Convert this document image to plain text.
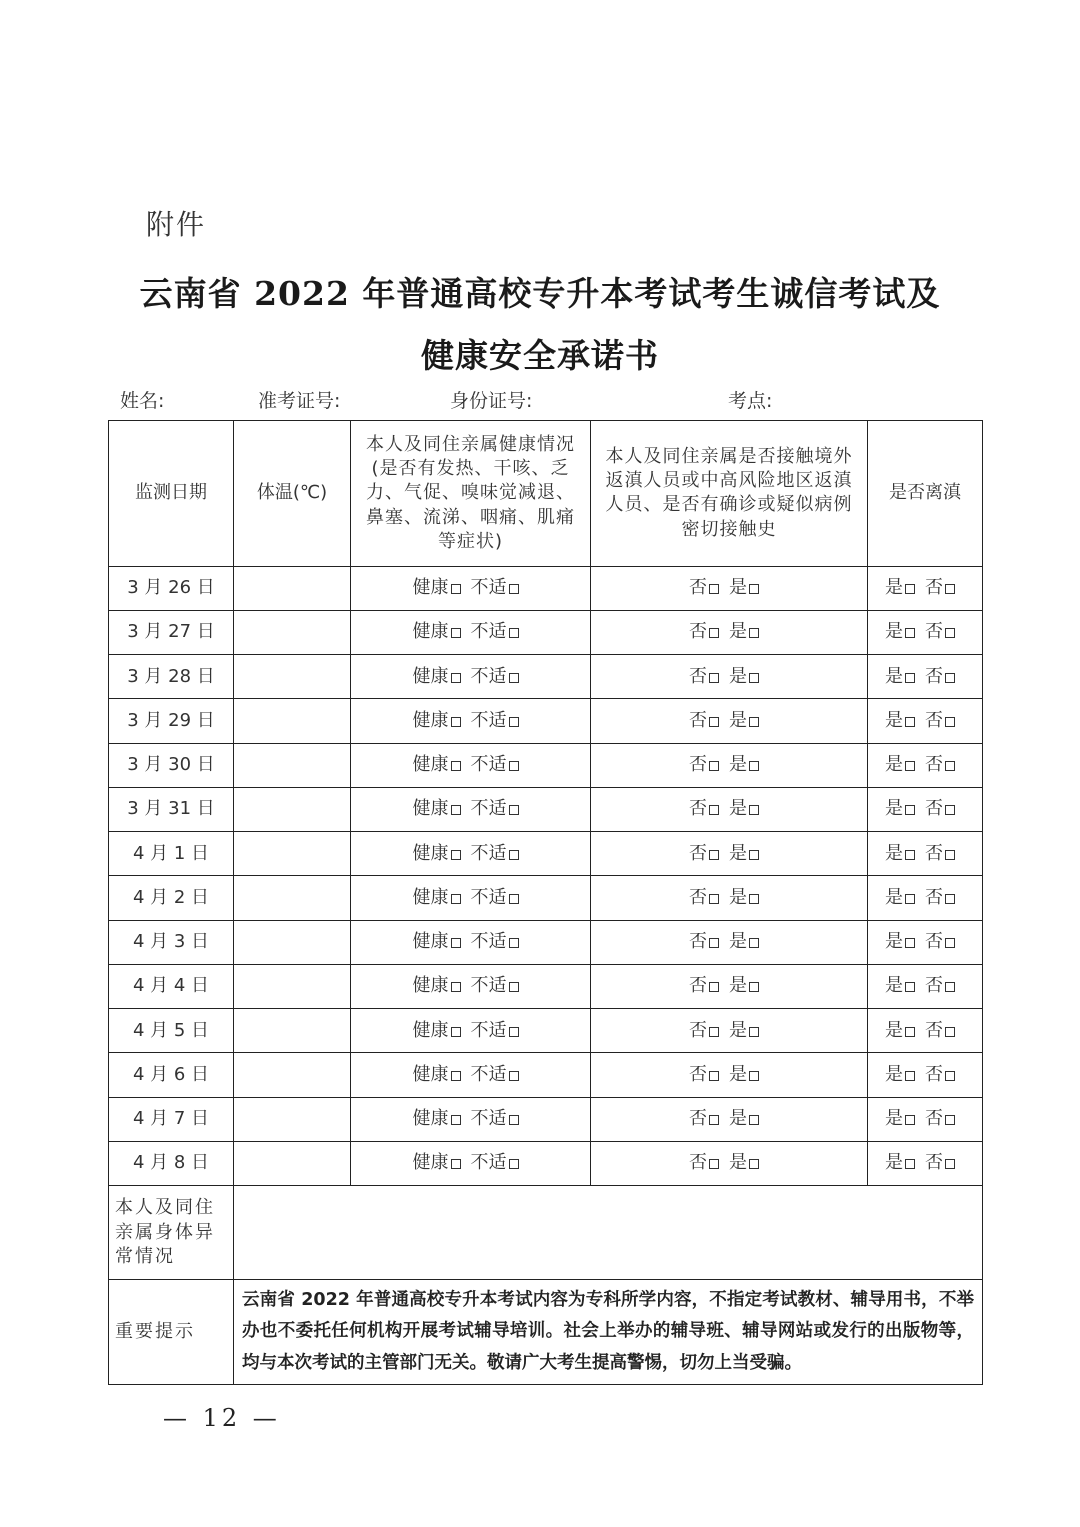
附件
云南省 2022 年普通高校专升本考试考生诚信考试及
健康安全承诺书
姓名:	准考证号:	身份证号:	考点:
监测日期	体温(℃)	本人及同住亲属健康情况(是否有发热、干咳、乏力、气促、嗅味觉减退、鼻塞、流涕、咽痛、肌痛等症状)	本人及同住亲属是否接触境外返滇人员或中高风险地区返滇人员、是否有确诊或疑似病例密切接触史	是否离滇
3 月 26 日		健康 不适	否 是	是 否
3 月 27 日		健康 不适	否 是	是 否
3 月 28 日		健康 不适	否 是	是 否
3 月 29 日		健康 不适	否 是	是 否
3 月 30 日		健康 不适	否 是	是 否
3 月 31 日		健康 不适	否 是	是 否
4 月 1 日		健康 不适	否 是	是 否
4 月 2 日		健康 不适	否 是	是 否
4 月 3 日		健康 不适	否 是	是 否
4 月 4 日		健康 不适	否 是	是 否
4 月 5 日		健康 不适	否 是	是 否
4 月 6 日		健康 不适	否 是	是 否
4 月 7 日		健康 不适	否 是	是 否
4 月 8 日		健康 不适	否 是	是 否
本人及同住亲属身体异常情况				
重要提示	云南省 2022 年普通高校专升本考试内容为专科所学内容，不指定考试教材、辅导用书，不举办也不委托任何机构开展考试辅导培训。社会上举办的辅导班、辅导网站或发行的出版物等，均与本次考试的主管部门无关。敬请广大考生提高警惕，切勿上当受骗。			
— 12 —
